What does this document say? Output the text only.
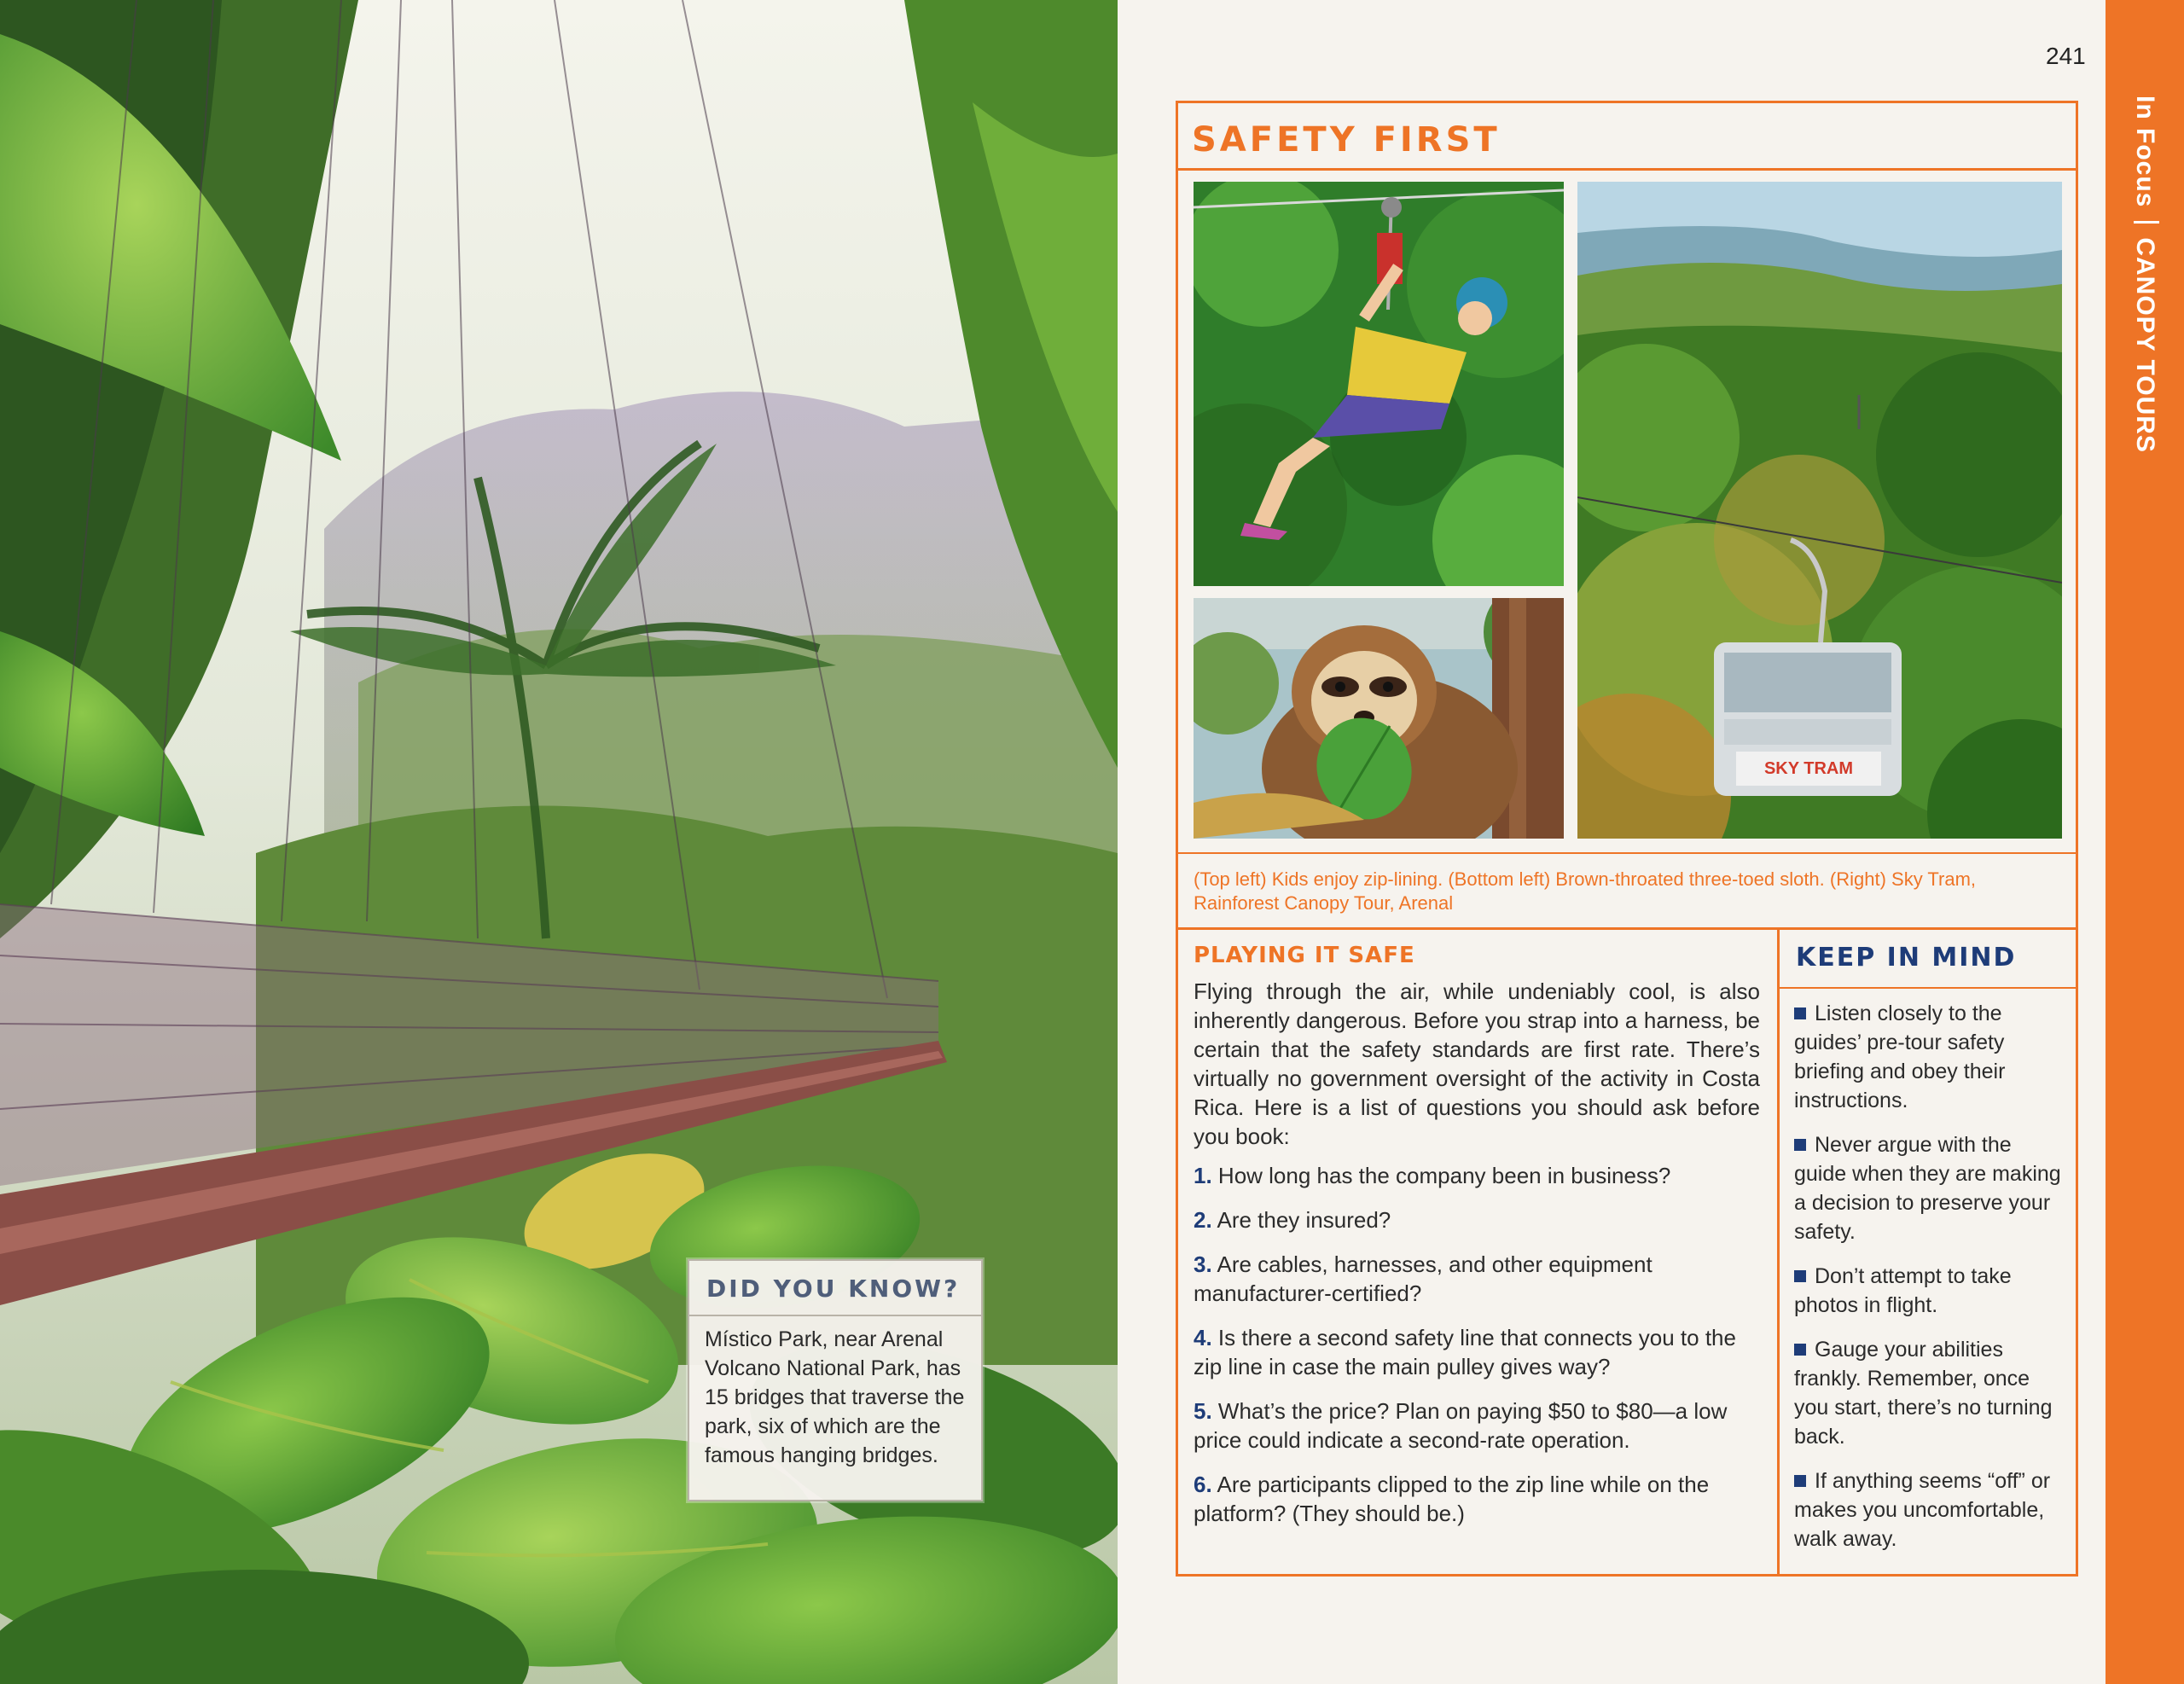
DID YOU KNOW?
Místico Park, near Arenal Volcano National Park, has 15 bridges that traverse the park, six of which are the famous hanging bridges.
241
In FocusCANOPY TOURS
SAFETY FIRST
SKY TRAM

(Top left) Kids enjoy zip-lining. (Bottom left) Brown-throated three-toed sloth. (Right) Sky Tram, Rainforest Canopy Tour, Arenal

PLAYING IT SAFE

Flying through the air, while undeniably cool, is also inherently dangerous. Before you strap into a harness, be certain that the safety standards are first rate. There’s virtually no government oversight of the activity in Costa Rica. Here is a list of questions you should ask before you book:

1. How long has the company been in business?
2. Are they insured?
3. Are cables, harnesses, and other equipment manufacturer-certified?
4. Is there a second safety line that connects you to the zip line in case the main pulley gives way?
5. What’s the price? Plan on paying $50 to $80—a low price could indicate a second-rate operation.
6. Are participants clipped to the zip line while on the platform? (They should be.)
KEEP IN MIND
Listen closely to the guides’ pre-tour safety briefing and obey their instructions.
Never argue with the guide when they are making a decision to preserve your safety.
Don’t attempt to take photos in flight.
Gauge your abilities frankly. Remember, once you start, there’s no turning back.
If anything seems “off” or makes you uncomfortable, walk away.
